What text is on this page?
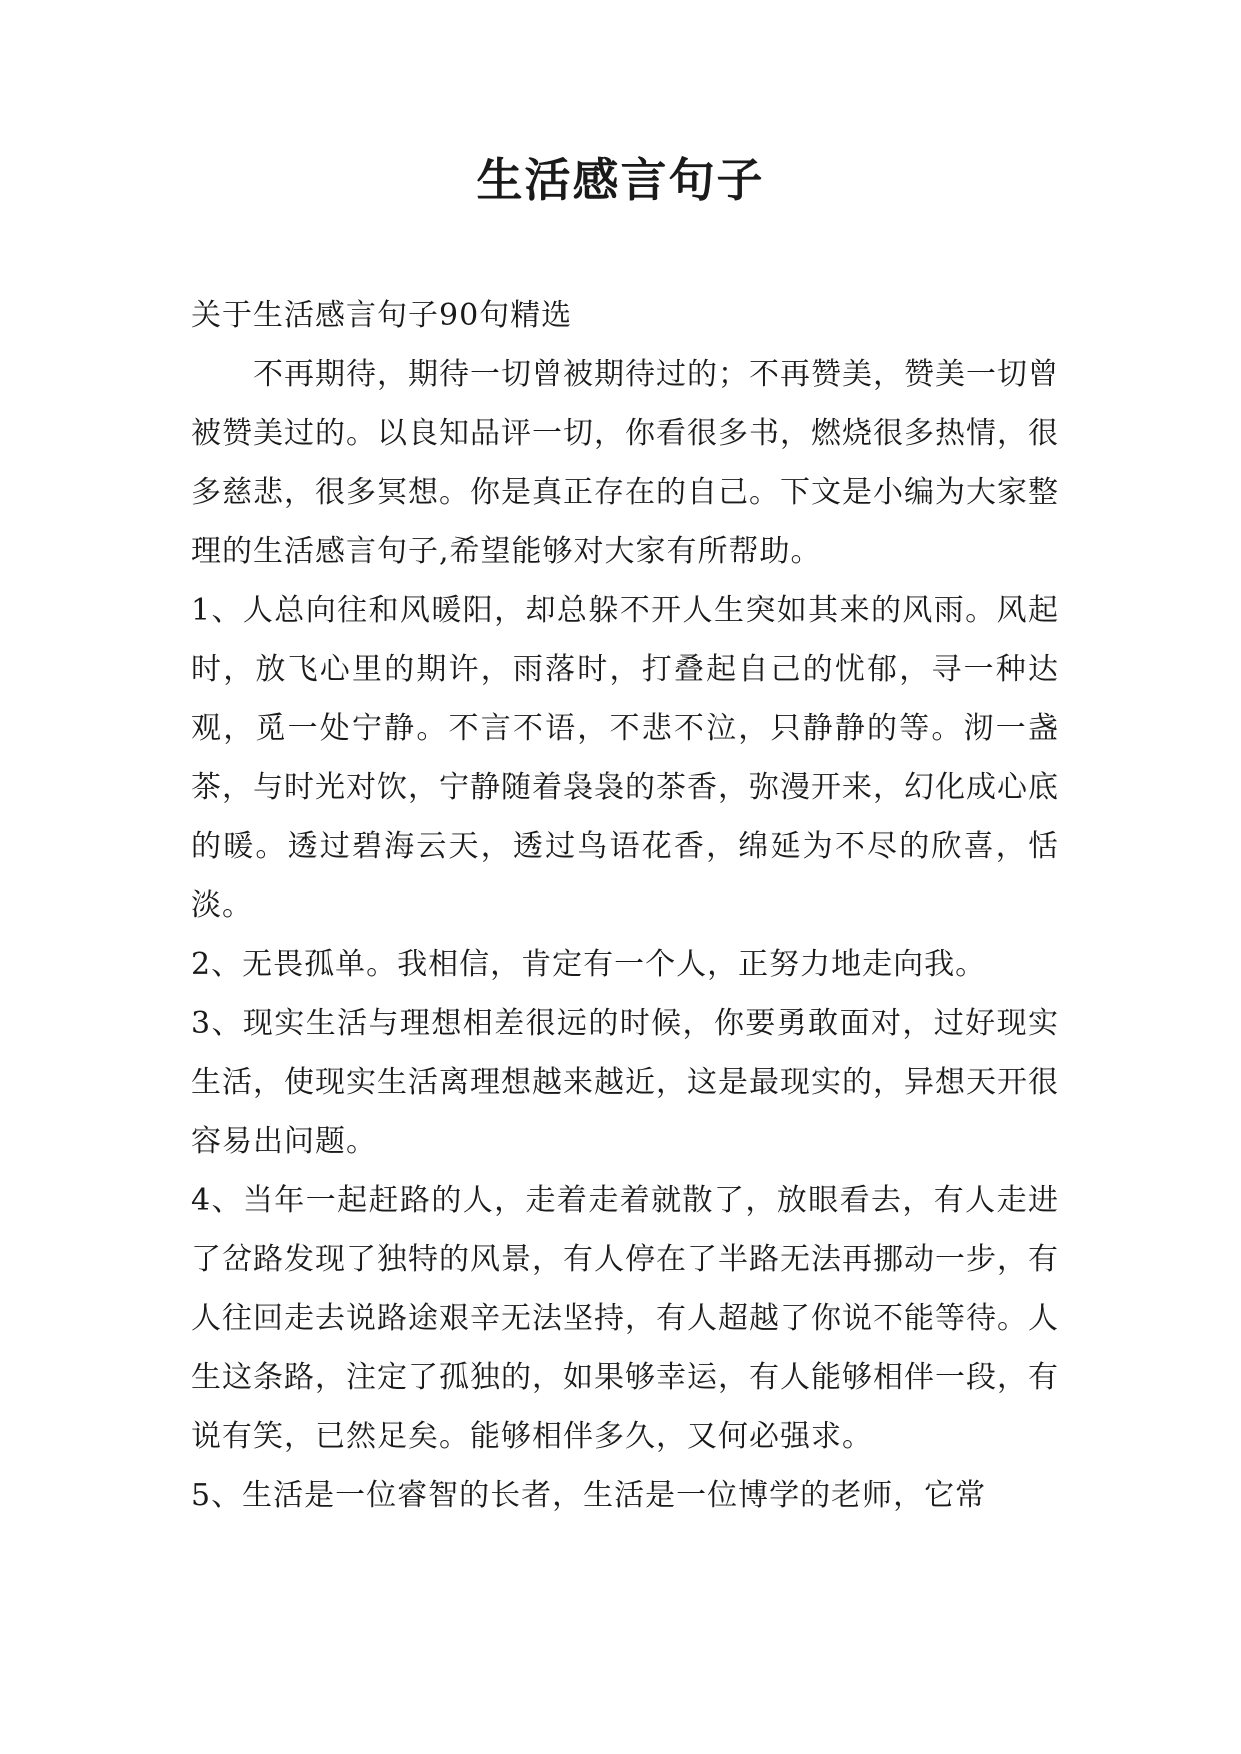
生活感言句子

关于生活感言句子90句精选

不再期待，期待一切曾被期待过的；不再赞美，赞美一切曾被赞美过的。以良知品评一切，你看很多书，燃烧很多热情，很多慈悲，很多冥想。你是真正存在的自己。下文是小编为大家整理的生活感言句子,希望能够对大家有所帮助。

1、人总向往和风暖阳，却总躲不开人生突如其来的风雨。风起时，放飞心里的期许，雨落时，打叠起自己的忧郁，寻一种达观，觅一处宁静。不言不语，不悲不泣，只静静的等。沏一盏茶，与时光对饮，宁静随着袅袅的茶香，弥漫开来，幻化成心底的暖。透过碧海云天，透过鸟语花香，绵延为不尽的欣喜，恬淡。

2、无畏孤单。我相信，肯定有一个人，正努力地走向我。

3、现实生活与理想相差很远的时候，你要勇敢面对，过好现实生活，使现实生活离理想越来越近，这是最现实的，异想天开很容易出问题。

4、当年一起赶路的人，走着走着就散了，放眼看去，有人走进了岔路发现了独特的风景，有人停在了半路无法再挪动一步，有人往回走去说路途艰辛无法坚持，有人超越了你说不能等待。人生这条路，注定了孤独的，如果够幸运，有人能够相伴一段，有说有笑，已然足矣。能够相伴多久，又何必强求。

5、生活是一位睿智的长者，生活是一位博学的老师，它常
